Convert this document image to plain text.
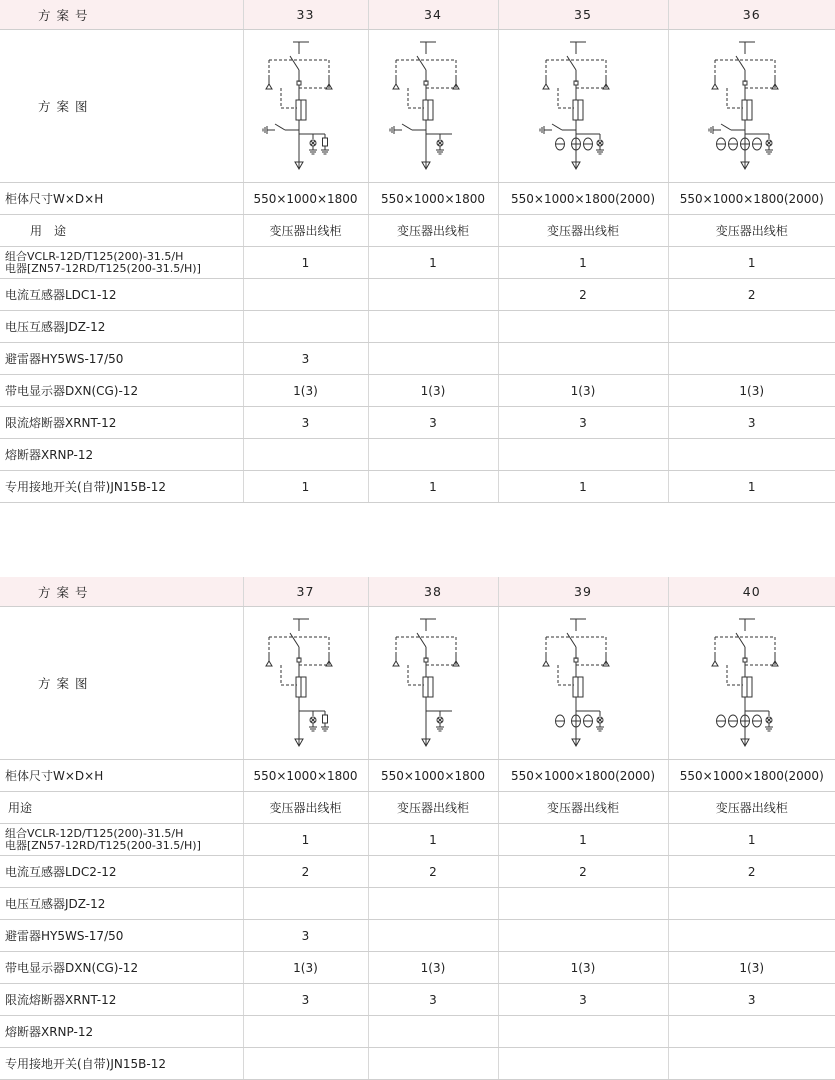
方案号	33	34	35	36
方案图	

柜体尺寸W×D×H	550×1000×1800	550×1000×1800	550×1000×1800(2000)	550×1000×1800(2000)
用　途	变压器出线柜	变压器出线柜	变压器出线柜	变压器出线柜

组合VCLR-12D/T125(200)-31.5/H
电器[ZN57-12RD/T125(200-31.5/H)]	1	1	1	1
电流互感器LDC1-12			2	2
电压互感器JDZ-12				
避雷器HY5WS-17/50	3			
带电显示器DXN(CG)-12	1(3)	1(3)	1(3)	1(3)
限流熔断器XRNT-12	3	3	3	3
熔断器XRNP-12				
专用接地开关(自带)JN15B-12	1	1	1	1
方案号	37	38	39	40
方案图	

柜体尺寸W×D×H	550×1000×1800	550×1000×1800	550×1000×1800(2000)	550×1000×1800(2000)
用途	变压器出线柜	变压器出线柜	变压器出线柜	变压器出线柜

组合VCLR-12D/T125(200)-31.5/H
电器[ZN57-12RD/T125(200-31.5/H)]	1	1	1	1
电流互感器LDC2-12	2	2	2	2
电压互感器JDZ-12				
避雷器HY5WS-17/50	3			
带电显示器DXN(CG)-12	1(3)	1(3)	1(3)	1(3)
限流熔断器XRNT-12	3	3	3	3
熔断器XRNP-12				
专用接地开关(自带)JN15B-12				
